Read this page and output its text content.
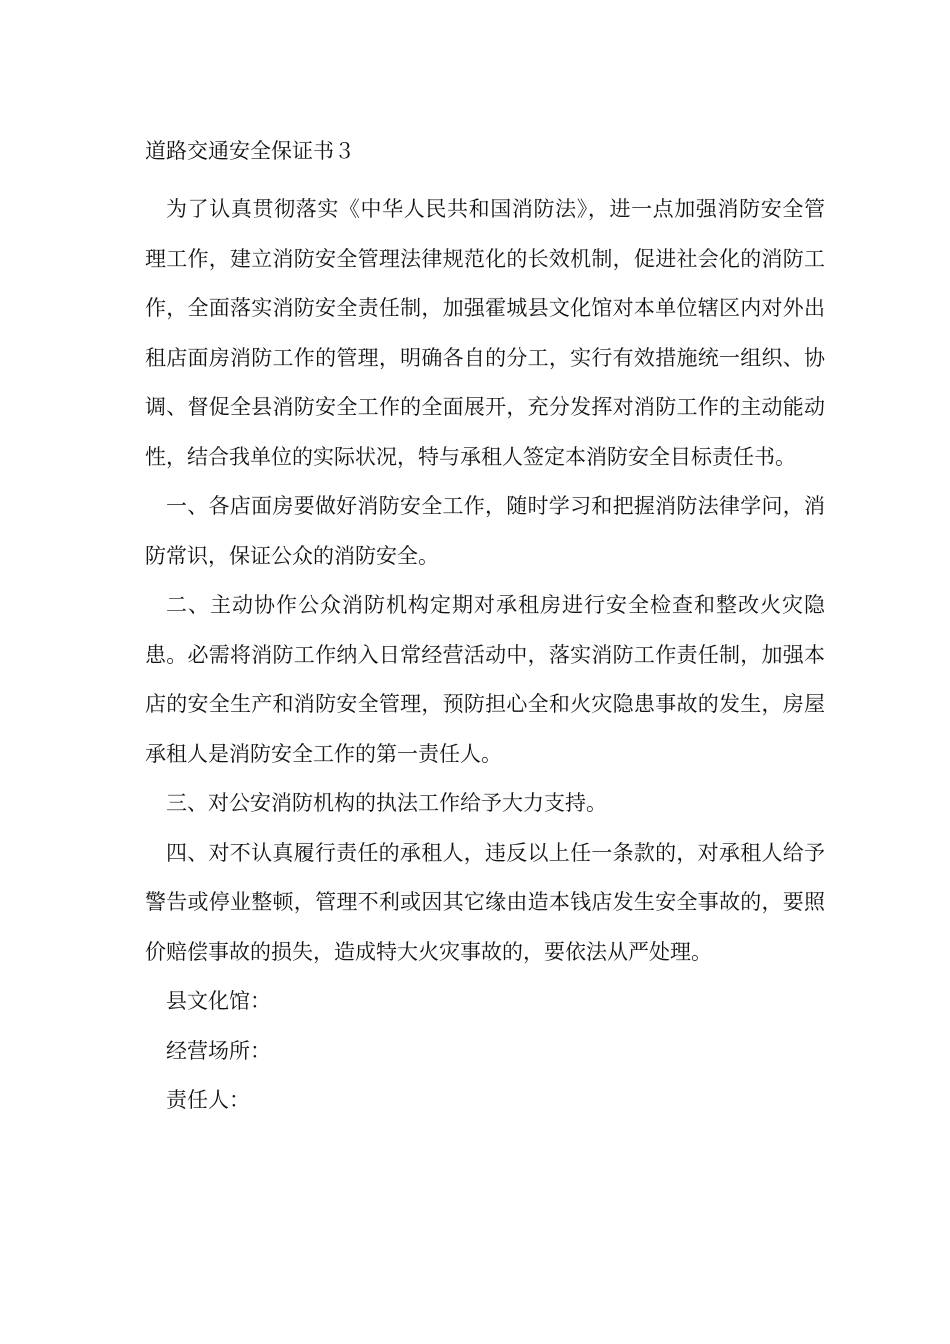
道路交通安全保证书３

为了认真贯彻落实《中华人民共和国消防法》，进一点加强消防安全管理工作，建立消防安全管理法律规范化的长效机制，促进社会化的消防工作，全面落实消防安全责任制，加强霍城县文化馆对本单位辖区内对外出租店面房消防工作的管理，明确各自的分工，实行有效措施统一组织、协调、督促全县消防安全工作的全面展开，充分发挥对消防工作的主动能动性，结合我单位的实际状况，特与承租人签定本消防安全目标责任书。

一、各店面房要做好消防安全工作，随时学习和把握消防法律学问，消防常识，保证公众的消防安全。

二、主动协作公众消防机构定期对承租房进行安全检查和整改火灾隐患。必需将消防工作纳入日常经营活动中，落实消防工作责任制，加强本店的安全生产和消防安全管理，预防担心全和火灾隐患事故的发生，房屋承租人是消防安全工作的第一责任人。

三、对公安消防机构的执法工作给予大力支持。

四、对不认真履行责任的承租人，违反以上任一条款的，对承租人给予警告或停业整顿，管理不利或因其它缘由造本钱店发生安全事故的，要照价赔偿事故的损失，造成特大火灾事故的，要依法从严处理。

县文化馆：
经营场所：
责任人：
